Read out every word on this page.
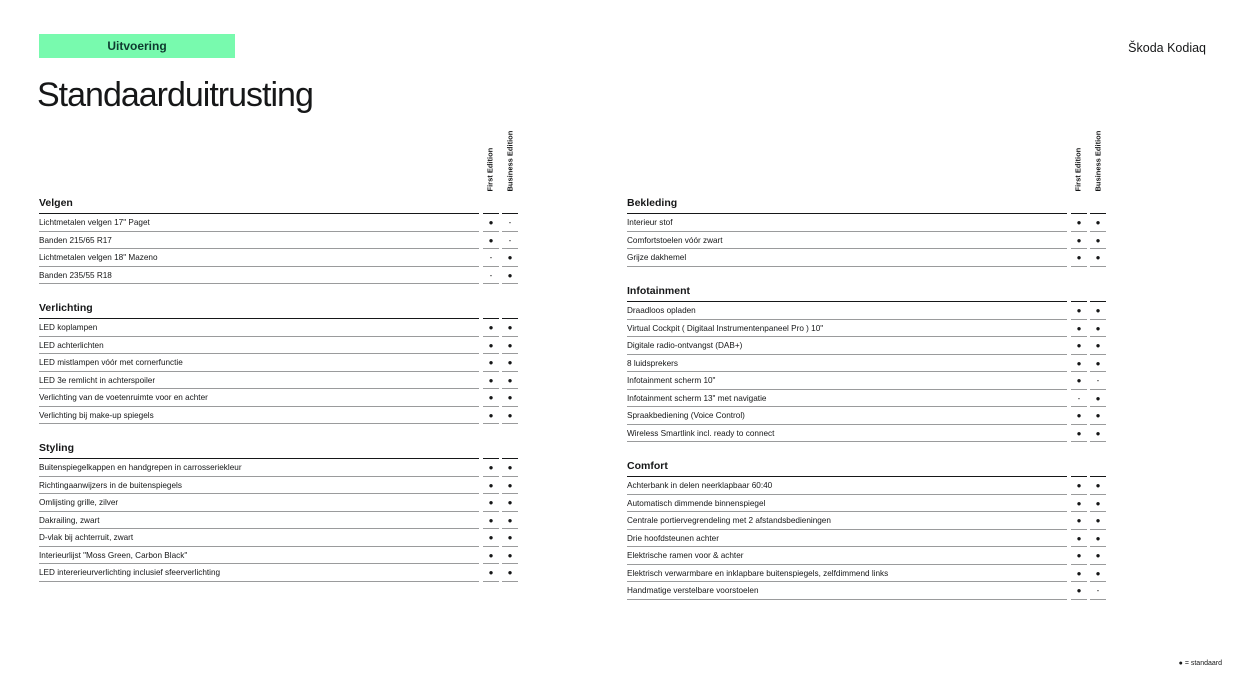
Uitvoering	Škoda Kodiaq
Standaarduitrusting
First Edition Business Edition
Velgen
Lichtmetalen velgen 17" Paget	●	-
Banden 215/65 R17	●	-
Lichtmetalen velgen 18" Mazeno	-	●
Banden 235/55 R18	-	●
Verlichting
LED koplampen	●	●
LED achterlichten	●	●
LED mistlampen vóór met cornerfunctie	●	●
LED 3e remlicht in achterspoiler	●	●
Verlichting van de voetenruimte voor en achter	●	●
Verlichting bij make-up spiegels	●	●
Styling
Buitenspiegelkappen en handgrepen in carrosseriekleur	●	●
Richtingaanwijzers in de buitenspiegels	●	●
Omlijsting grille, zilver	●	●
Dakrailing, zwart	●	●
D-vlak bij achterruit, zwart	●	●
Interieurlijst "Moss Green, Carbon Black"	●	●
LED intererieurverlichting inclusief sfeerverlichting	●	●
First Edition Business Edition
Bekleding
Interieur stof	●	●
Comfortstoelen vóór zwart	●	●
Grijze dakhemel	●	●
Infotainment
Draadloos opladen	●	●
Virtual Cockpit ( Digitaal Instrumentenpaneel Pro ) 10"	●	●
Digitale radio-ontvangst (DAB+)	●	●
8 luidsprekers	●	●
Infotainment scherm 10"	●	-
Infotainment scherm 13" met navigatie	-	●
Spraakbediening (Voice Control)	●	●
Wireless Smartlink incl. ready to connect	●	●
Comfort
Achterbank in delen neerklapbaar 60:40	●	●
Automatisch dimmende binnenspiegel	●	●
Centrale portiervegrendeling met 2 afstandsbedieningen	●	●
Drie hoofdsteunen achter	●	●
Elektrische ramen voor & achter	●	●
Elektrisch verwarmbare en inklapbare buitenspiegels, zelfdimmend links	●	●
Handmatige verstelbare voorstoelen	●	-
● = standaard
